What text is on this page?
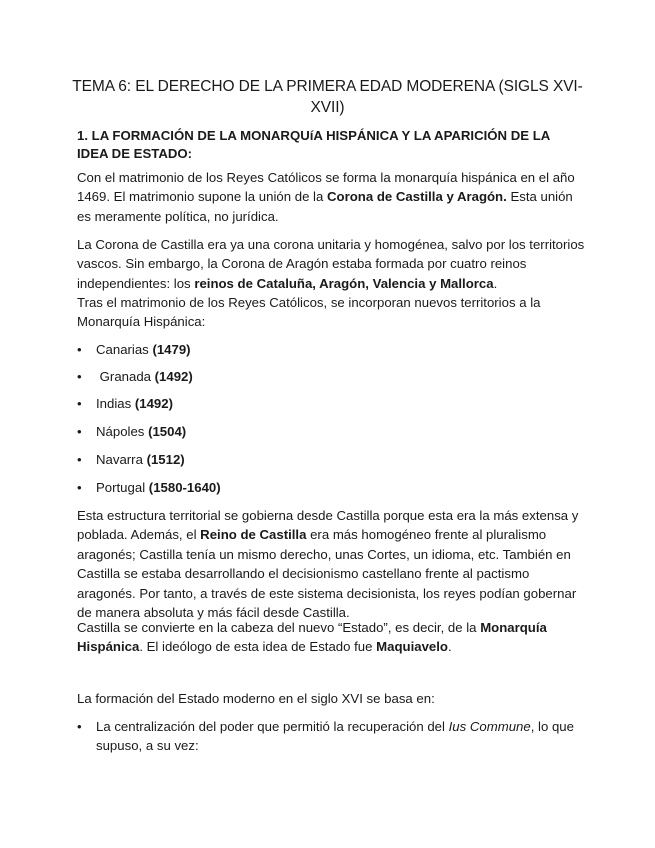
TEMA 6: EL DERECHO DE LA PRIMERA EDAD MODERENA (SIGLS XVI-XVII)
1. LA FORMACIÓN DE LA MONARQUíA HISPÁNICA Y LA APARICIÓN DE LA IDEA DE ESTADO:
Con el matrimonio de los Reyes Católicos se forma la monarquía hispánica en el año 1469. El matrimonio supone la unión de la Corona de Castilla y Aragón. Esta unión es meramente política, no jurídica.
La Corona de Castilla era ya una corona unitaria y homogénea, salvo por los territorios vascos. Sin embargo, la Corona de Aragón estaba formada por cuatro reinos independientes: los reinos de Cataluña, Aragón, Valencia y Mallorca.
Tras el matrimonio de los Reyes Católicos, se incorporan nuevos territorios a la Monarquía Hispánica:
• Canarias (1479)
• Granada (1492)
• Indias (1492)
• Nápoles (1504)
• Navarra (1512)
• Portugal (1580-1640)
Esta estructura territorial se gobierna desde Castilla porque esta era la más extensa y poblada. Además, el Reino de Castilla era más homogéneo frente al pluralismo aragonés; Castilla tenía un mismo derecho, unas Cortes, un idioma, etc. También en Castilla se estaba desarrollando el decisionismo castellano frente al pactismo aragonés. Por tanto, a través de este sistema decisionista, los reyes podían gobernar de manera absoluta y más fácil desde Castilla.
Castilla se convierte en la cabeza del nuevo “Estado”, es decir, de la Monarquía Hispánica. El ideólogo de esta idea de Estado fue Maquiavelo.
La formación del Estado moderno en el siglo XVI se basa en:
• La centralización del poder que permitió la recuperación del Ius Commune, lo que supuso, a su vez:
